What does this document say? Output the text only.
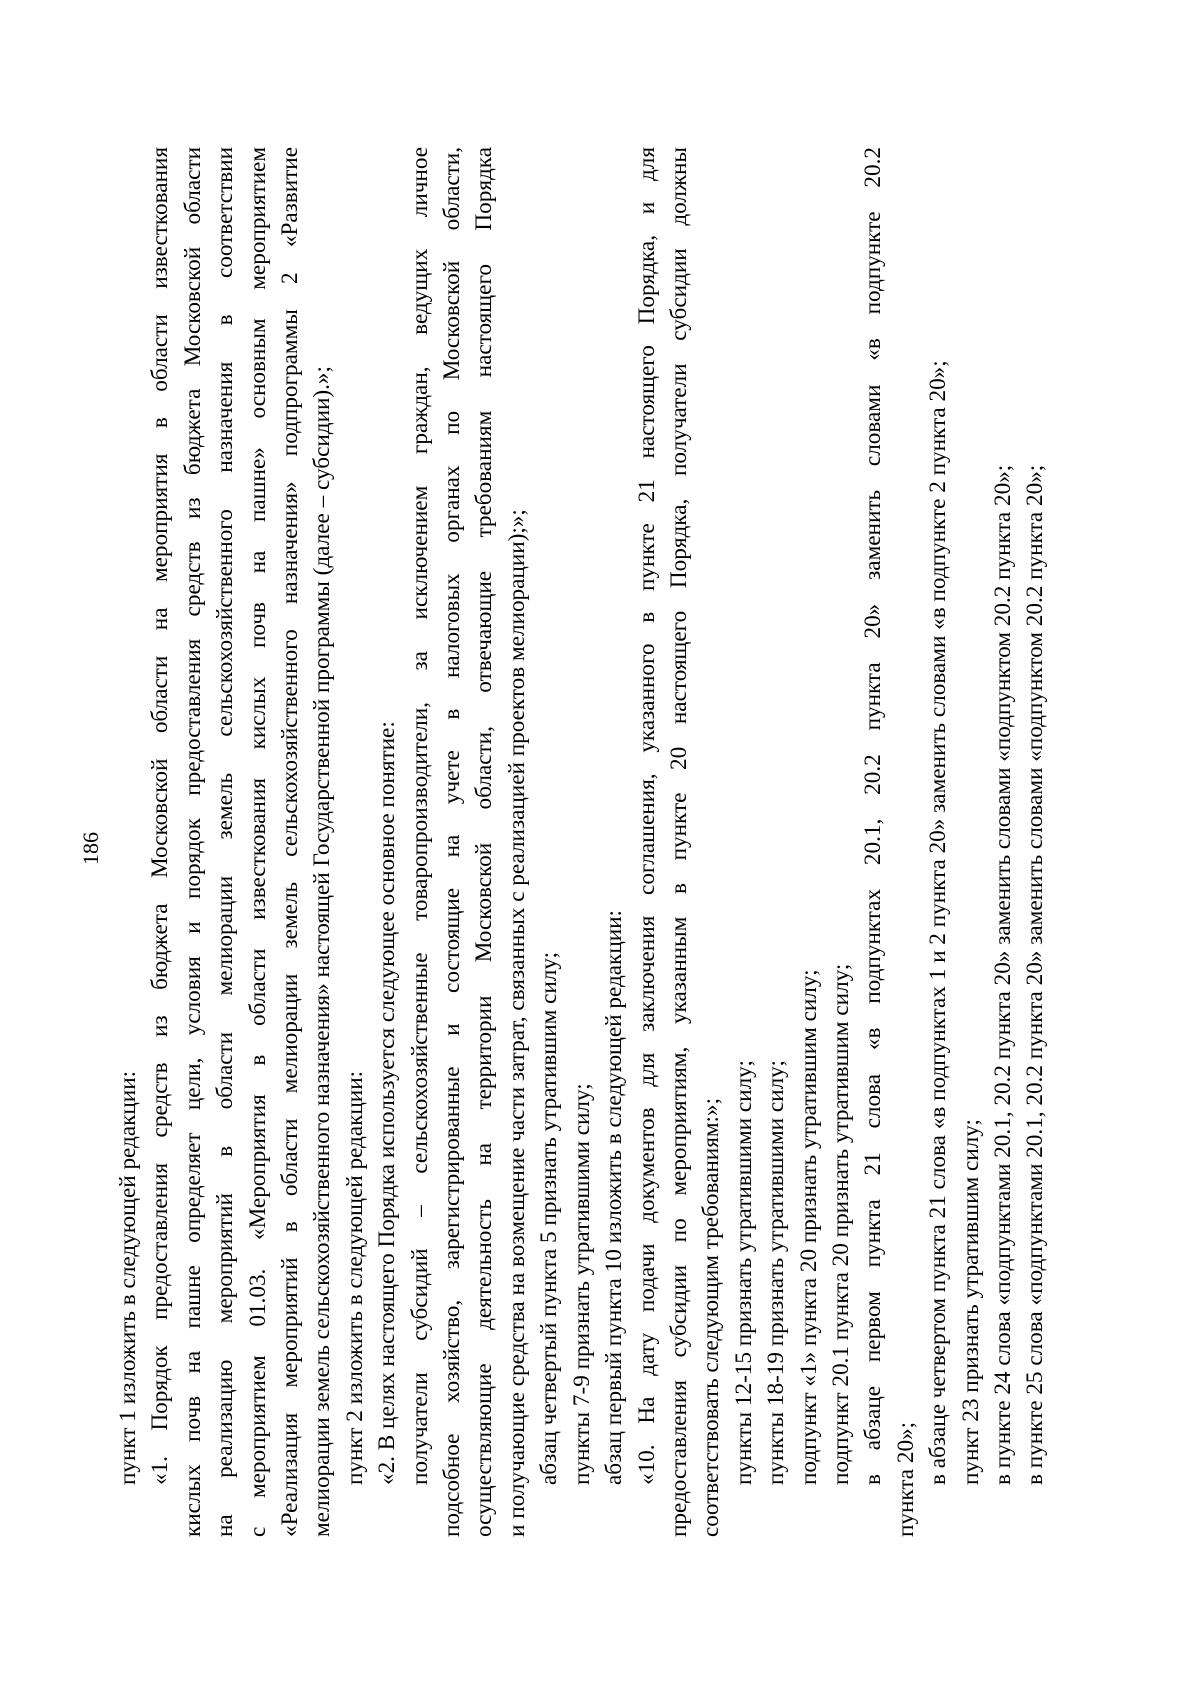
186

пункт 1 изложить в следующей редакции: «1. Порядок предоставления средств из бюджета Московской области на мероприятия в области известкования кислых почв на пашне определяет цели, условия и порядок предоставления средств из бюджета Московской области на реализацию мероприятий в области мелиорации земель сельскохозяйственного назначения в соответствии с мероприятием 01.03. «Мероприятия в области известкования кислых почв на пашне» основным мероприятием «Реализация мероприятий в области мелиорации земель сельскохозяйственного назначения» подпрограммы 2 «Развитие мелиорации земель сельскохозяйственного назначения» настоящей Государственной программы (далее – субсидии).»; пункт 2 изложить в следующей редакции: «2. В целях настоящего Порядка используется следующее основное понятие: получатели субсидий – сельскохозяйственные товаропроизводители, за исключением граждан, ведущих личное подсобное хозяйство, зарегистрированные и состоящие на учете в налоговых органах по Московской области, осуществляющие деятельность на территории Московской области, отвечающие требованиям настоящего Порядка и получающие средства на возмещение части затрат, связанных с реализацией проектов мелиорации);»; абзац четвертый пункта 5 признать утратившим силу; пункты 7-9 признать утратившими силу; абзац первый пункта 10 изложить в следующей редакции: «10. На дату подачи документов для заключения соглашения, указанного в пункте 21 настоящего Порядка, и для предоставления субсидии по мероприятиям, указанным в пункте 20 настоящего Порядка, получатели субсидии должны соответствовать следующим требованиям:»; пункты 12-15 признать утратившими силу; пункты 18-19 признать утратившими силу; подпункт «1» пункта 20 признать утратившим силу; подпункт 20.1 пункта 20 признать утратившим силу; в абзаце первом пункта 21 слова «в подпунктах 20.1, 20.2 пункта 20» заменить словами «в подпункте 20.2 пункта 20»; в абзаце четвертом пункта 21 слова «в подпунктах 1 и 2 пункта 20» заменить словами «в подпункте 2 пункта 20»; пункт 23 признать утратившим силу; в пункте 24 слова «подпунктами 20.1, 20.2 пункта 20» заменить словами «подпунктом 20.2 пункта 20»; в пункте 25 слова «подпунктами 20.1, 20.2 пункта 20» заменить словами «подпунктом 20.2 пункта 20»;
